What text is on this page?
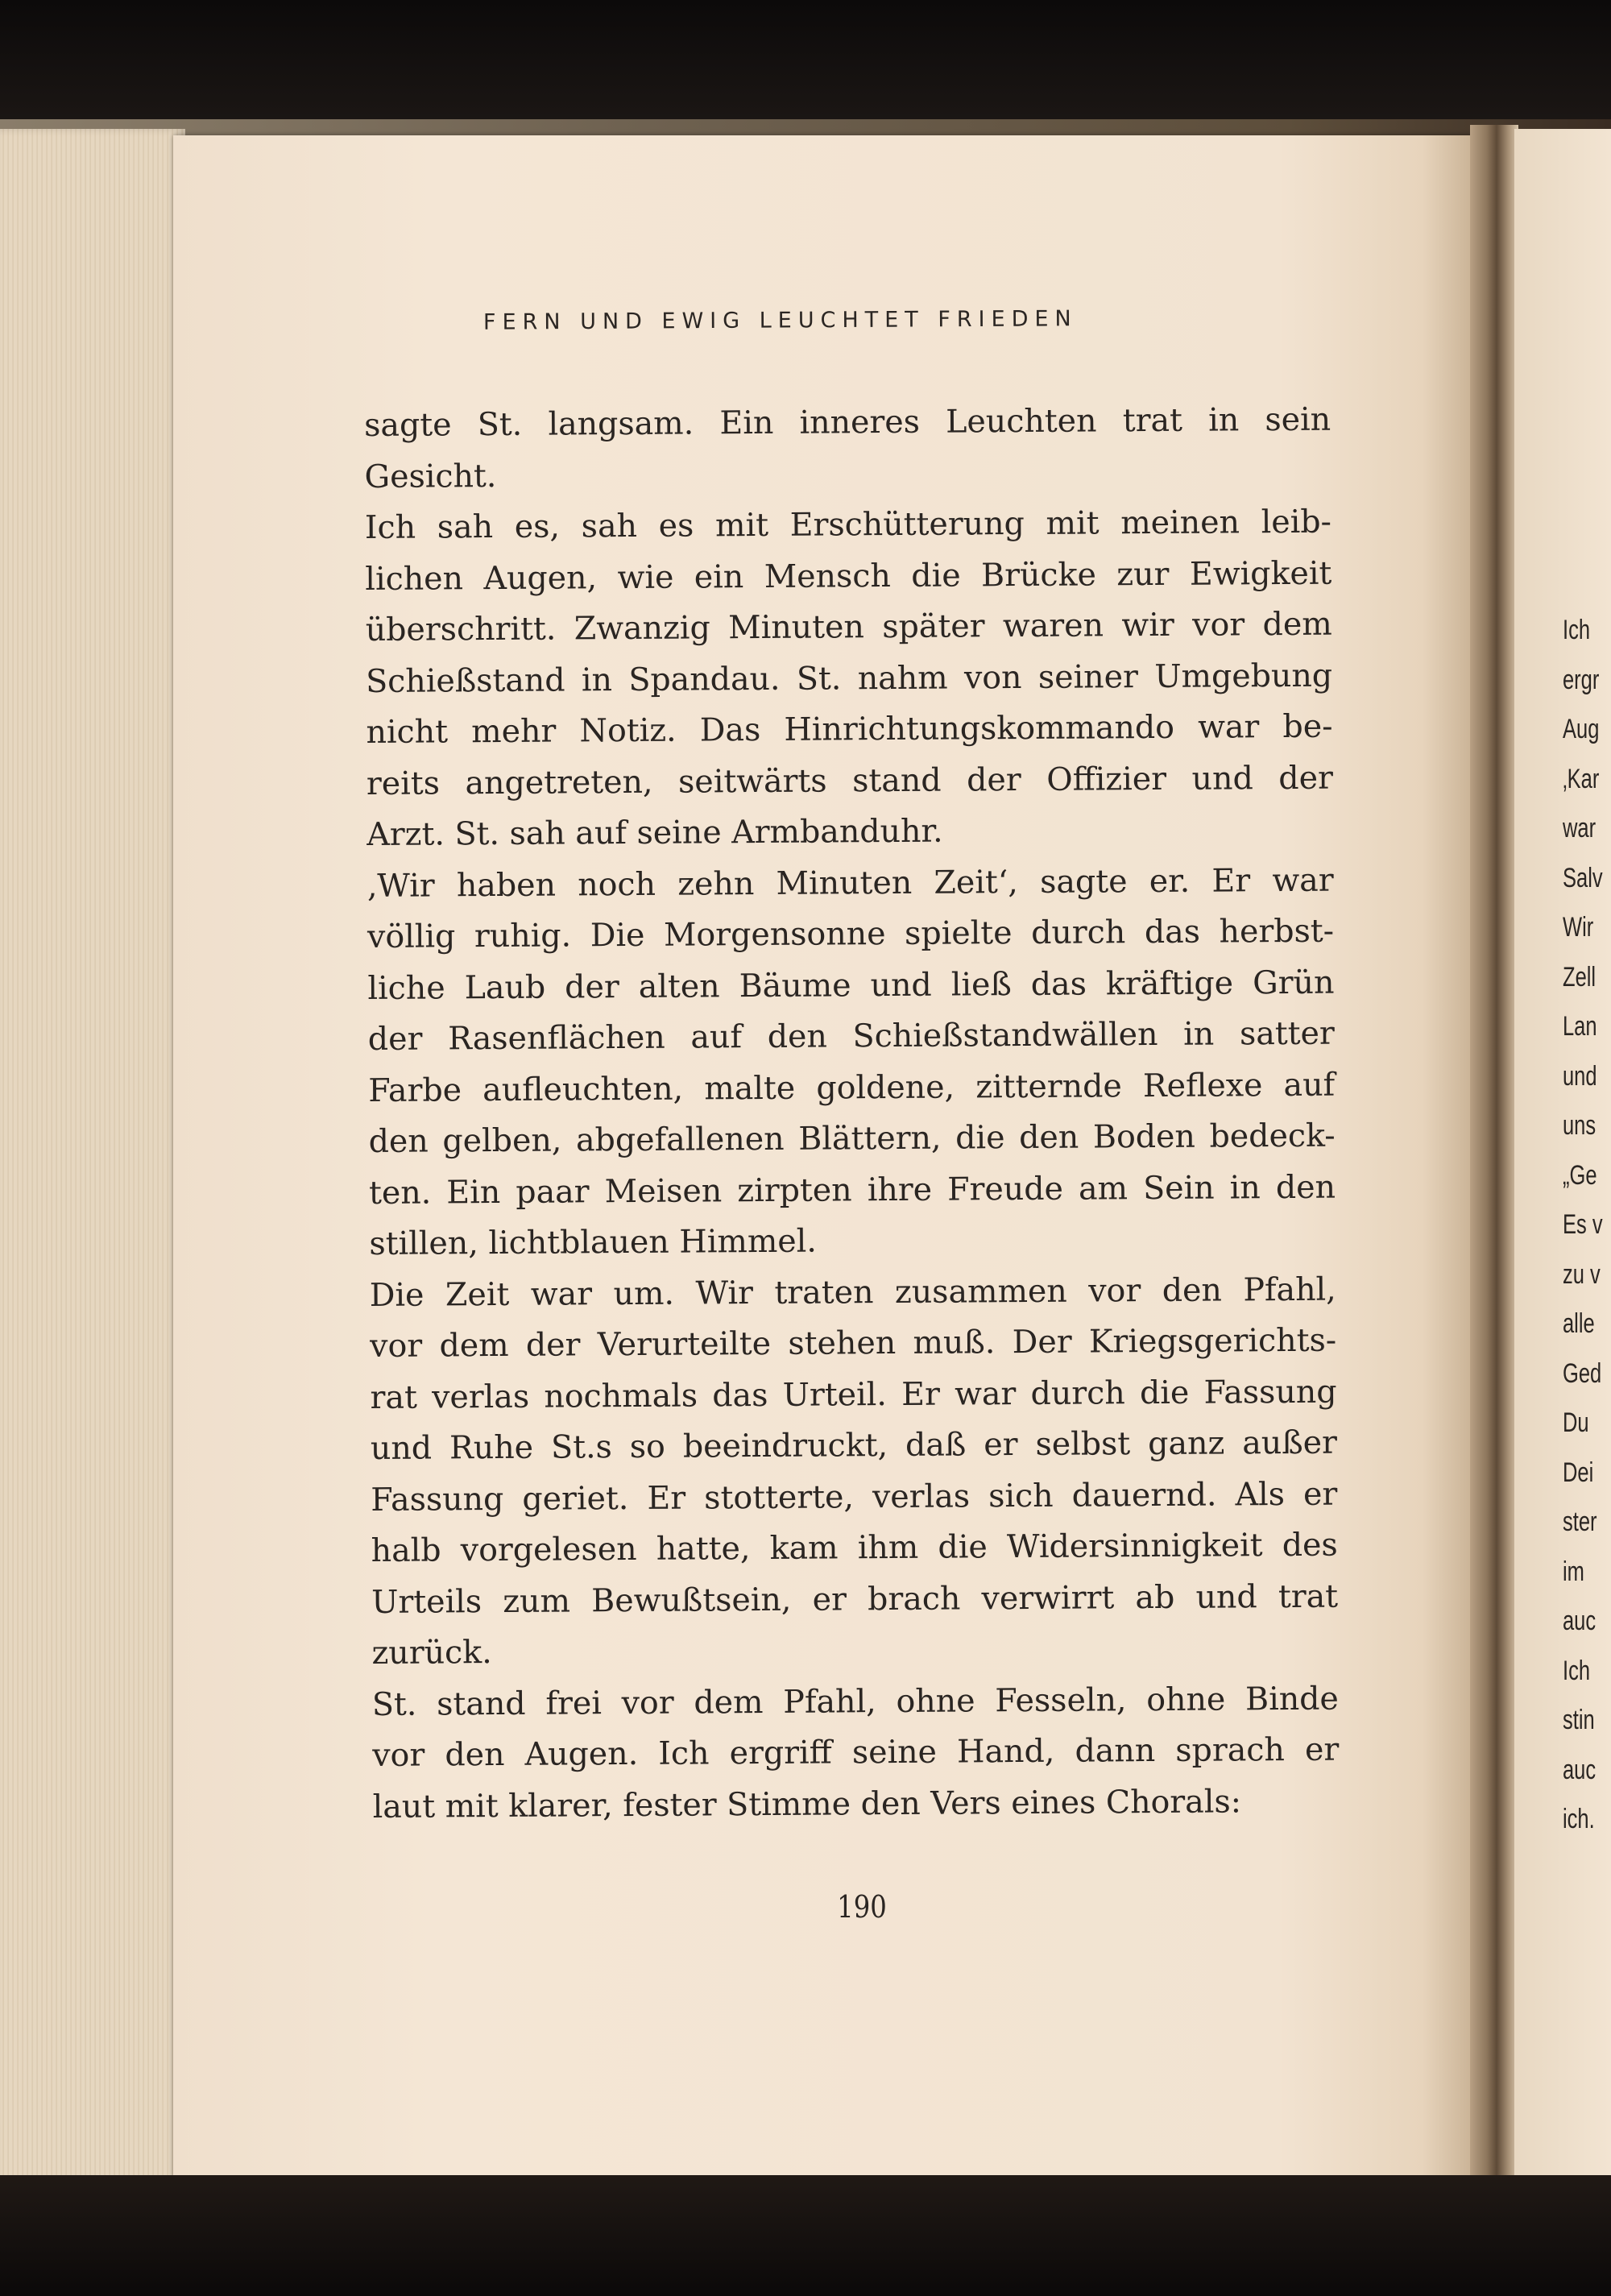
FERN UND EWIG LEUCHTET FRIEDEN
sagte St. langsam. Ein inneres Leuchten trat in sein
Gesicht.
Ich sah es, sah es mit Erschütterung mit meinen leib-
lichen Augen, wie ein Mensch die Brücke zur Ewigkeit
überschritt. Zwanzig Minuten später waren wir vor dem
Schießstand in Spandau. St. nahm von seiner Umgebung
nicht mehr Notiz. Das Hinrichtungskommando war be-
reits angetreten, seitwärts stand der Offizier und der
Arzt. St. sah auf seine Armbanduhr.
‚Wir haben noch zehn Minuten Zeit‘, sagte er. Er war
völlig ruhig. Die Morgensonne spielte durch das herbst-
liche Laub der alten Bäume und ließ das kräftige Grün
der Rasenflächen auf den Schießstandwällen in satter
Farbe aufleuchten, malte goldene, zitternde Reflexe auf
den gelben, abgefallenen Blättern, die den Boden bedeck-
ten. Ein paar Meisen zirpten ihre Freude am Sein in den
stillen, lichtblauen Himmel.
Die Zeit war um. Wir traten zusammen vor den Pfahl,
vor dem der Verurteilte stehen muß. Der Kriegsgerichts-
rat verlas nochmals das Urteil. Er war durch die Fassung
und Ruhe St.s so beeindruckt, daß er selbst ganz außer
Fassung geriet. Er stotterte, verlas sich dauernd. Als er
halb vorgelesen hatte, kam ihm die Widersinnigkeit des
Urteils zum Bewußtsein, er brach verwirrt ab und trat
zurück.
St. stand frei vor dem Pfahl, ohne Fesseln, ohne Binde
vor den Augen. Ich ergriff seine Hand, dann sprach er
laut mit klarer, fester Stimme den Vers eines Chorals:
190
Ich
ergr
Aug
‚Kar
war
Salv
Wir
Zell
Lan
und
uns
„Ge
Es v
zu v
alle
Ged
Du
Dei
ster
im
auc
Ich
stin
auc
ich.
